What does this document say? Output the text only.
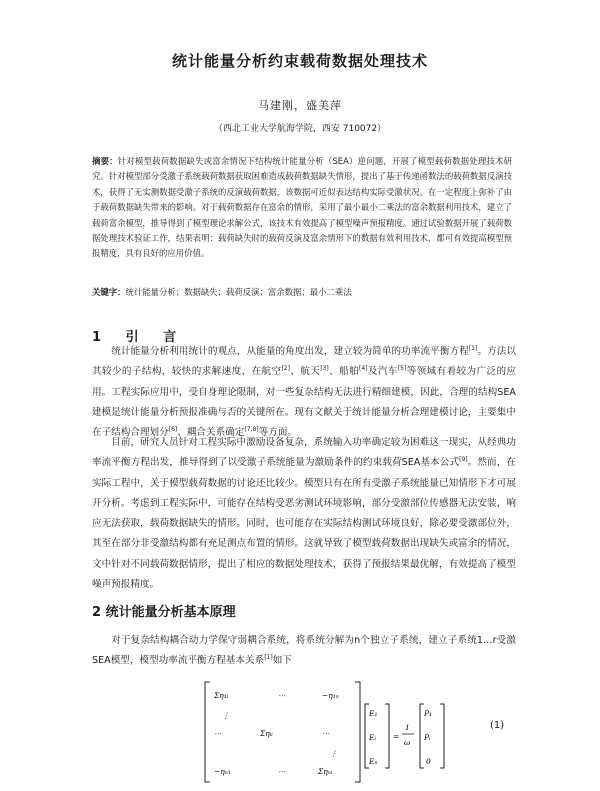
统计能量分析约束载荷数据处理技术
马建刚，盛美萍
（西北工业大学航海学院，西安 710072）
摘要：针对模型载荷数据缺失或富余情况下结构统计能量分析（SEA）逆问题，开展了模型载荷数据处理技术研究。针对模型部分受激子系统载荷数据获取困难造成载荷数据缺失情形，提出了基于传递函数法的载荷数据反演技术，获得了无实测数据受激子系统的反演载荷数据，该数据可近似表达结构实际受激状况，在一定程度上弥补了由于载荷数据缺失带来的影响。对于载荷数据存在富余的情形，采用了最小最小二乘法的富余数据利用技术，建立了载荷富余模型，推导得到了模型理论求解公式，该技术有效提高了模型噪声预报精度。通过试验数据开展了载荷数据处理技术验证工作，结果表明：载荷缺失时的载荷反演及富余情形下的数据有效利用技术，都可有效提高模型预报精度，具有良好的应用价值。
关键字：统计能量分析；数据缺失；载荷反演；富余数据；最小二乘法
1 引 言
统计能量分析利用统计的观点，从能量的角度出发，建立较为简单的功率流平衡方程[1]。方法以其较少的子结构，较快的求解速度，在航空[2]、航天[3]、船舶[4]及汽车[5]等领域有着较为广泛的应用。工程实际应用中，受自身理论限制，对一些复杂结构无法进行精细建模，因此，合理的结构SEA建模是统计能量分析预报准确与否的关键所在。现有文献关于统计能量分析合理建模讨论，主要集中在子结构合理划分[6]、耦合关系确定[7,8]等方面。
目前，研究人员针对工程实际中激励设备复杂，系统输入功率确定较为困难这一现实，从经典功率流平衡方程出发，推导得到了以受激子系统能量为激励条件的约束载荷SEA基本公式[9]。然而，在实际工程中，关于模型载荷数据的讨论还比较少。模型只有在所有受激子系统能量已知情形下才可展开分析。考虑到工程实际中，可能存在结构受恶劣测试环境影响，部分受激部位传感器无法安装，响应无法获取，载荷数据缺失的情形。同时，也可能存在实际结构测试环境良好，除必要受激部位外，其至在部分非受激结构都有充足测点布置的情形。这就导致了模型载荷数据出现缺失或富余的情况，文中针对不同载荷数据情形，提出了相应的数据处理技术，获得了预报结果最优解，有效提高了模型噪声预报精度。
2 统计能量分析基本原理
对于复杂结构耦合动力学保守弱耦合系统，将系统分解为n个独立子系统，建立子系统1…r受激SEA模型，模型功率流平衡方程基本关系[1]如下
Ση₁ᵢ	⋯	−η₁ₙ
⋮
⋯	Σηᵢᵢ	⋯
⋮
−ηₙ₁	⋯	Σηₙᵢ
E₁
Eᵢ
Eₙ
=
1
ω
P₁
Pᵢ
0
(1)
